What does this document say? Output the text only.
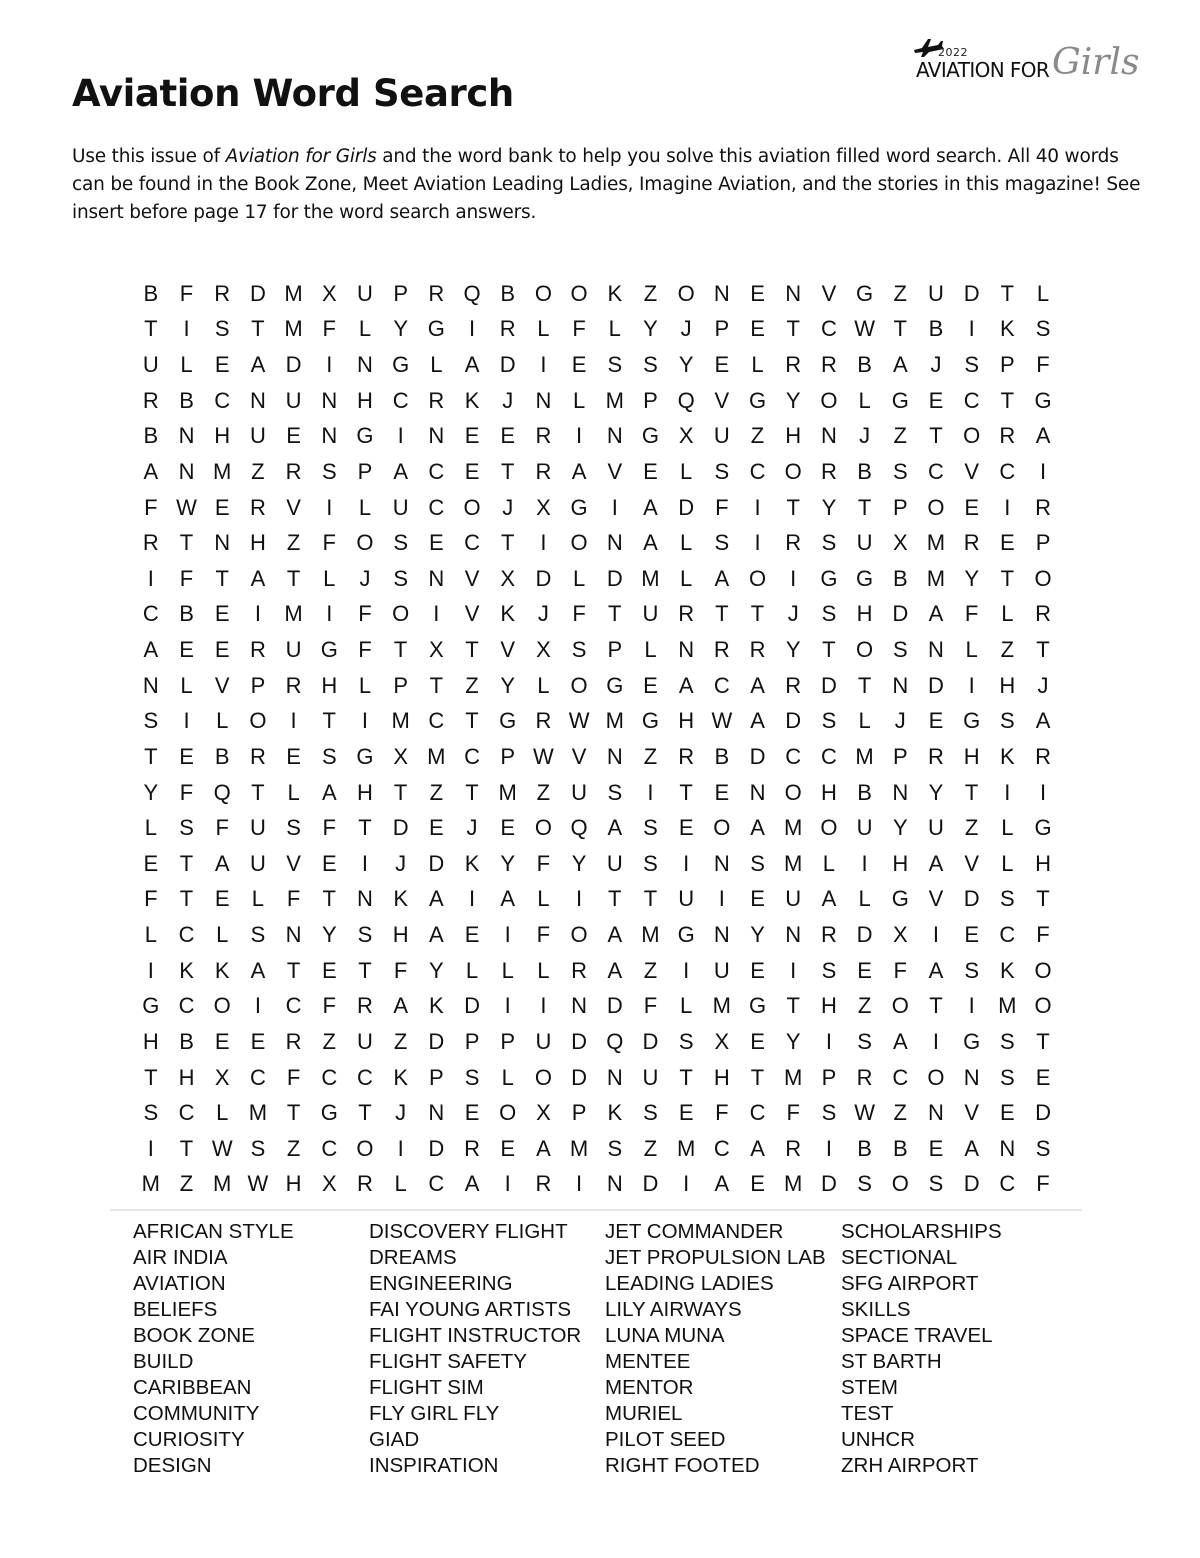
2022
AVIATION FOR Girls
Aviation Word Search

Use this issue of Aviation for Girls and the word bank to help you solve this aviation filled word search. All 40 words can be found in the Book Zone, Meet Aviation Leading Ladies, Imagine Aviation, and the stories in this magazine! See insert before page 17 for the word search answers.

B F R D M X U P R Q B O O K Z O N E N V G Z U D T	L
T	I	S T M F	L	Y G	I	R L	F	L	Y	J	P E T C W T B	I	K S
U L	E A D	I	N G L	A D	I	E S S Y E	L R R B A	J	S P F
R B C N U N H C R K	J	N L M P Q V G Y O L G E C T G
B N H U E N G	I	N E E R	I	N G X U Z H N	J	Z	T O R A
A N M Z R S P A C E T R A V E	L	S C O R B S C V C	I
F W E R V	I	L U C O J	X G	I	A D F	I	T Y T P O E	I	R
R T N H Z	F O S E C T	I	O N A	L	S	I	R S U X M R E P
I	F	T A T	L	J	S N V X D L D M L	A O	I	G G B M Y T O
C B E	I	M	I	F O	I	V K	J	F	T U R T	T	J	S H D A F	L R
A E E R U G F	T X T V X S P	L N R R Y T O S N L	Z	T
N L	V P R H L	P T	Z Y	L O G E A C A R D T N D	I	H	J
S	I	L O	I	T	I	M C T G R W M G H W A D S	L	J	E G S A
T E B R E S G X M C P W V N Z R B D C C M P R H K R
Y F Q T	L	A H T	Z	T M Z U S	I	T E N O H B N Y T	I	I
L	S F U S F	T D E	J	E O Q A S E O A M O U Y U Z	L G
E T A U V E	I	J	D K Y F Y U S	I	N S M L	I	H A V	L H
F	T E	L	F	T N K A	I	A	L	I	T	T U	I	E U A	L G V D S T
L C L	S N Y S H A E	I	F O A M G N Y N R D X	I	E C F
I	K K A T E T	F Y	L	L	L R A Z	I	U E	I	S E F A S K O
G C O	I	C F R A K D	I	I	N D F	L M G T H Z O T	I	M O
H B E E R Z U Z D P P U D Q D S X E Y	I	S A	I	G S T
T H X C F C C K P S	L O D N U T H T M P R C O N S E
S C L M T G T	J	N E O X P K S E F C F S W Z N V E D
I	T W S Z C O	I	D R E A M S Z M C A R	I	B B E A N S
M Z M W H X R L C A	I	R	I	N D	I	A E M D S O S D C F
AFRICAN STYLE
AIR INDIA
AVIATION
BELIEFS
BOOK ZONE
BUILD
CARIBBEAN
COMMUNITY
CURIOSITY
DESIGN
DISCOVERY FLIGHT
DREAMS
ENGINEERING
FAI YOUNG ARTISTS
FLIGHT INSTRUCTOR
FLIGHT SAFETY
FLIGHT SIM
FLY GIRL FLY
GIAD
INSPIRATION
JET COMMANDER
JET PROPULSION LAB
LEADING LADIES
LILY AIRWAYS
LUNA MUNA
MENTEE
MENTOR
MURIEL
PILOT SEED
RIGHT FOOTED
SCHOLARSHIPS
SECTIONAL
SFG AIRPORT
SKILLS
SPACE TRAVEL
ST BARTH
STEM
TEST
UNHCR
ZRH AIRPORT
